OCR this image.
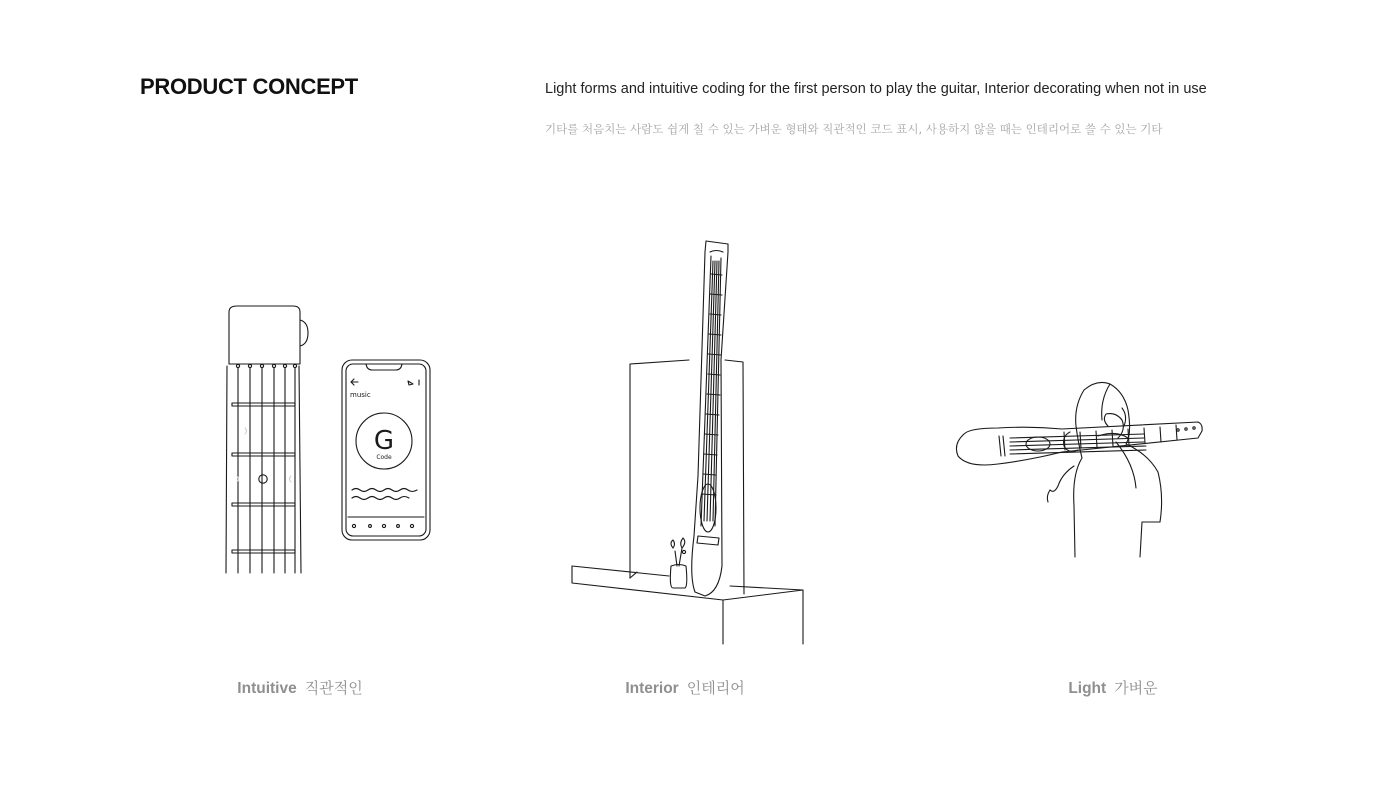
PRODUCT CONCEPT	Light forms and intuitive coding for the first person to play the guitar, Interior decorating when not in use
기타를 처음치는 사람도 쉽게 칠 수 있는 가벼운 형태와 직관적인 코드 표시, 사용하지 않을 때는 인테리어로 쓸 수 있는 기타
music
G
Code
Intuitive 직관적인	Interior 인테리어	Light 가벼운
